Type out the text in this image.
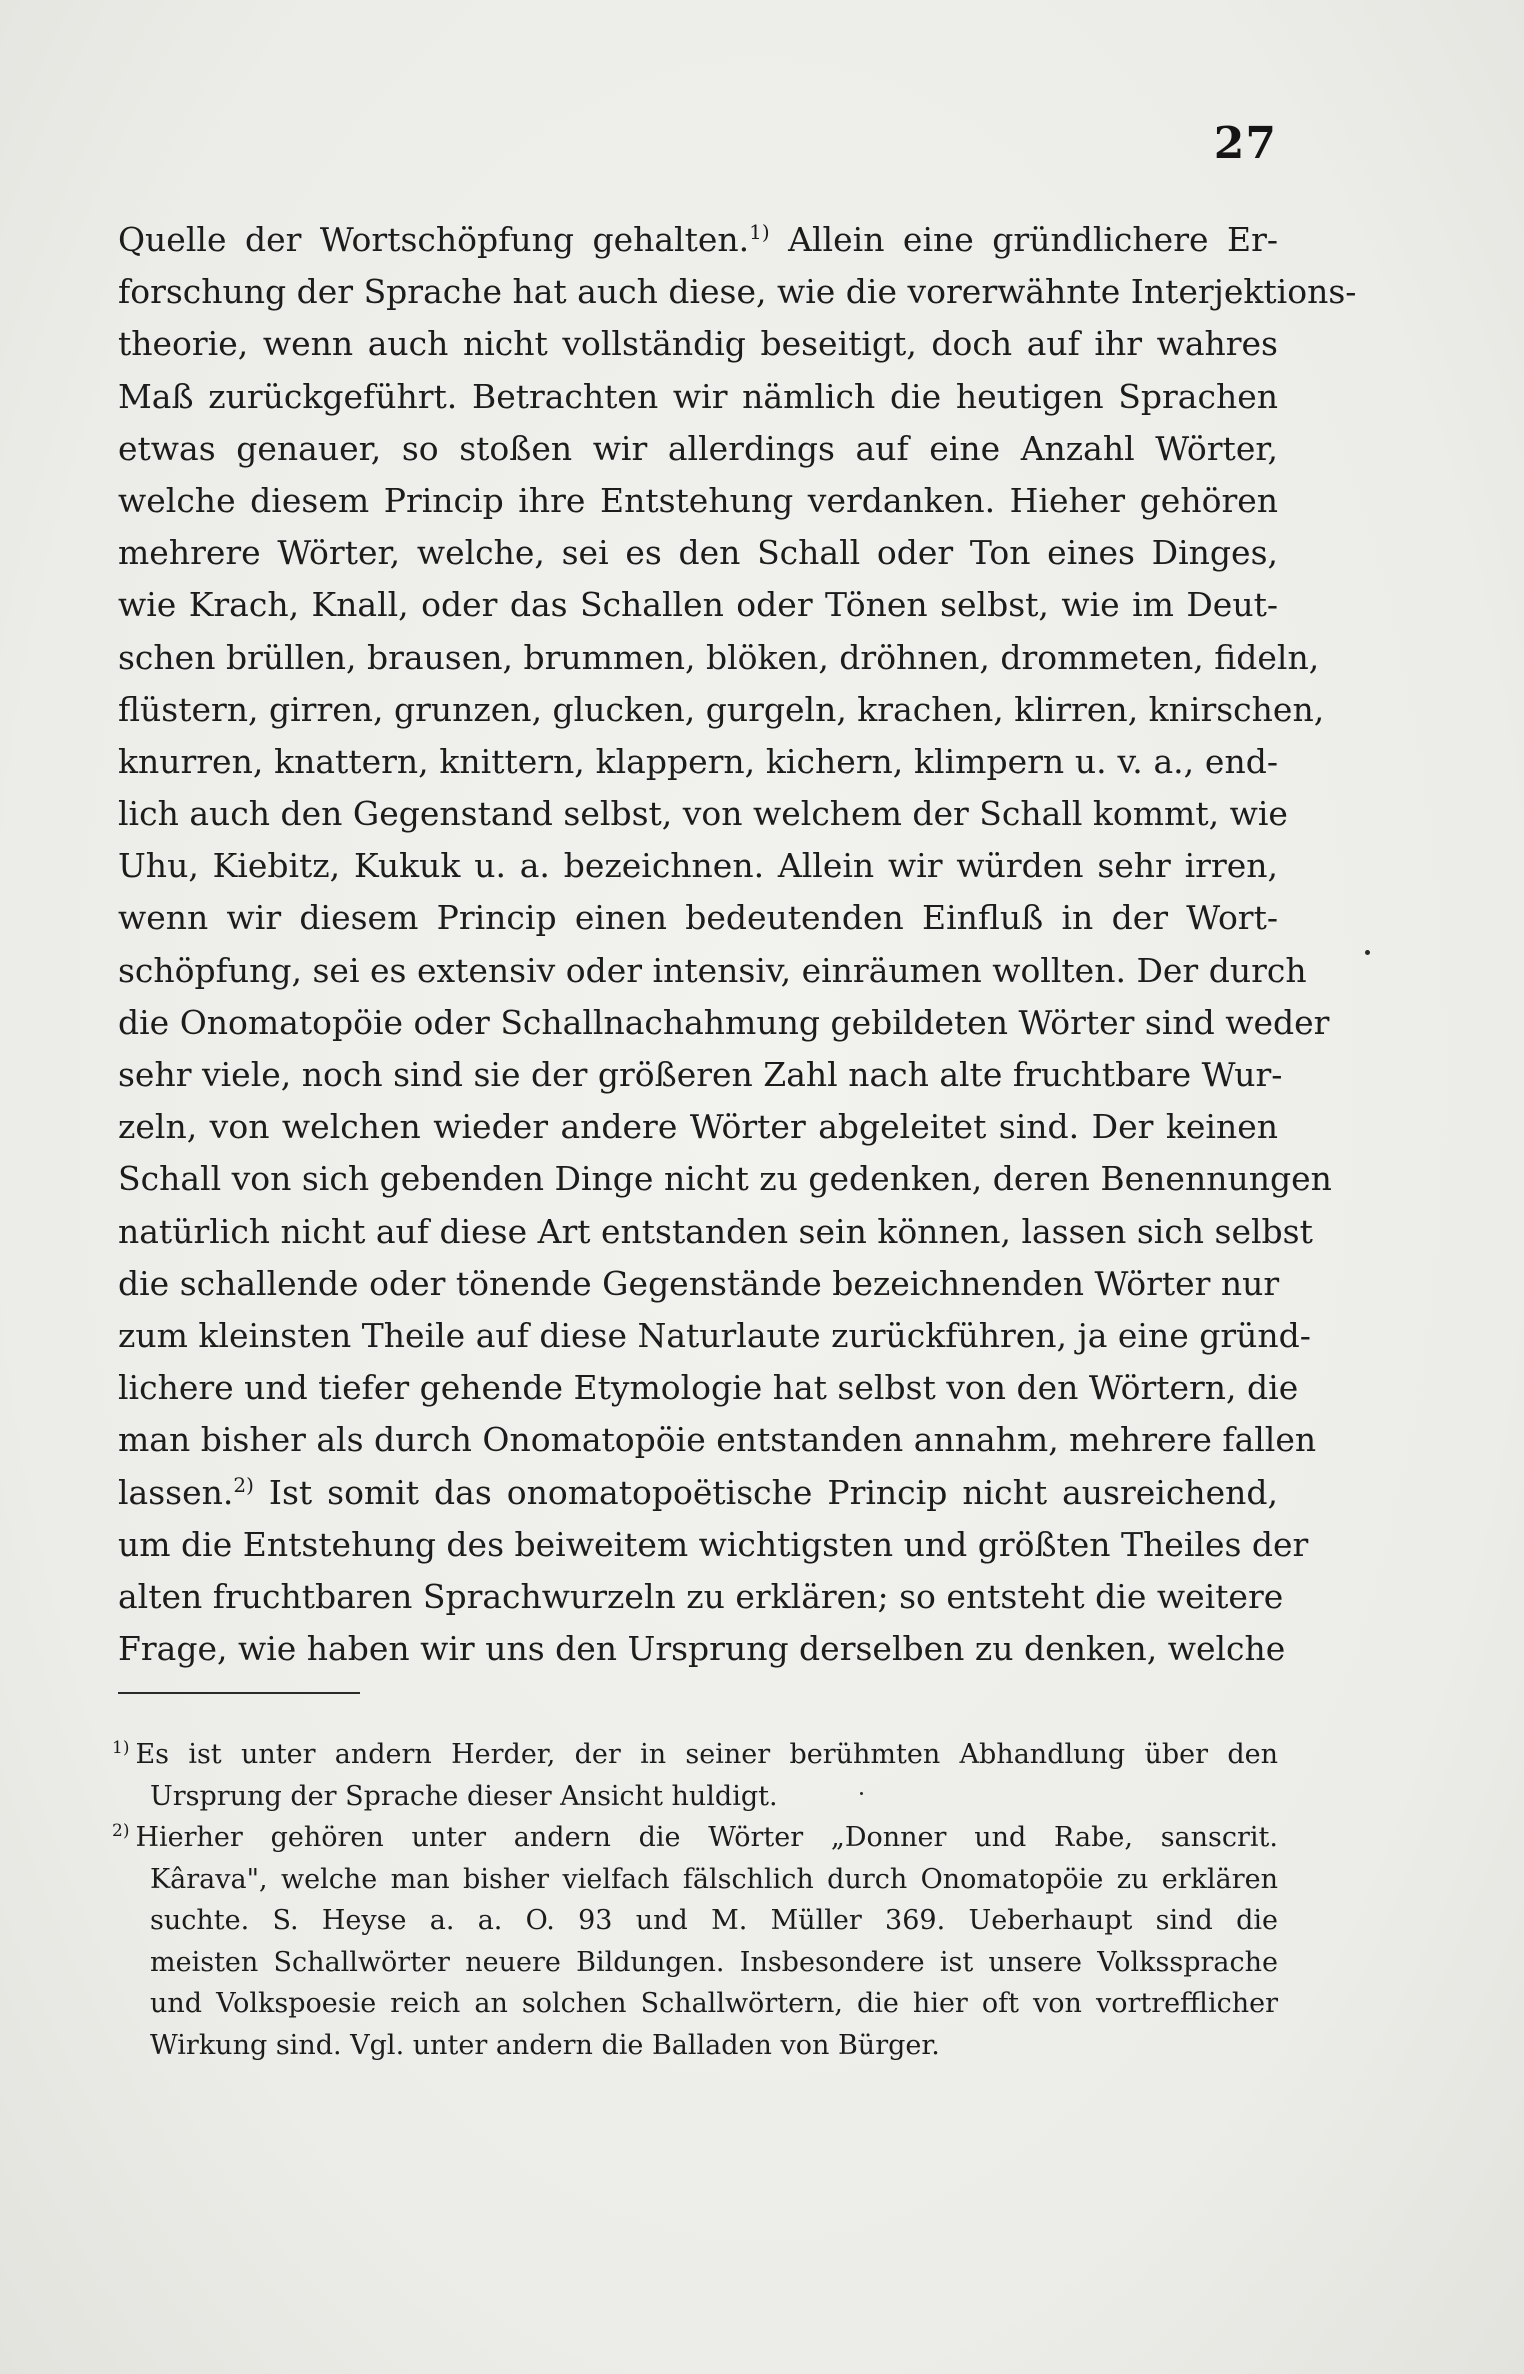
27
Quelle der Wortschöpfung gehalten.$^{1)}$ Allein eine gründlichere Er-
forschung der Sprache hat auch diese, wie die vorerwähnte Interjektions-
theorie, wenn auch nicht vollständig beseitigt, doch auf ihr wahres
Maß zurückgeführt. Betrachten wir nämlich die heutigen Sprachen
etwas genauer, so stoßen wir allerdings auf eine Anzahl Wörter,
welche diesem Princip ihre Entstehung verdanken. Hieher gehören
mehrere Wörter, welche, sei es den Schall oder Ton eines Dinges,
wie Krach, Knall, oder das Schallen oder Tönen selbst, wie im Deut-
schen brüllen, brausen, brummen, blöken, dröhnen, drommeten, fideln,
flüstern, girren, grunzen, glucken, gurgeln, krachen, klirren, knirschen,
knurren, knattern, knittern, klappern, kichern, klimpern u. v. a., end-
lich auch den Gegenstand selbst, von welchem der Schall kommt, wie
Uhu, Kiebitz, Kukuk u. a. bezeichnen. Allein wir würden sehr irren,
wenn wir diesem Princip einen bedeutenden Einfluß in der Wort-
schöpfung, sei es extensiv oder intensiv, einräumen wollten. Der durch
die Onomatopöie oder Schallnachahmung gebildeten Wörter sind weder
sehr viele, noch sind sie der größeren Zahl nach alte fruchtbare Wur-
zeln, von welchen wieder andere Wörter abgeleitet sind. Der keinen
Schall von sich gebenden Dinge nicht zu gedenken, deren Benennungen
natürlich nicht auf diese Art entstanden sein können, lassen sich selbst
die schallende oder tönende Gegenstände bezeichnenden Wörter nur
zum kleinsten Theile auf diese Naturlaute zurückführen, ja eine gründ-
lichere und tiefer gehende Etymologie hat selbst von den Wörtern, die
man bisher als durch Onomatopöie entstanden annahm, mehrere fallen
lassen.$^{2)}$ Ist somit das onomatopoëtische Princip nicht ausreichend,
um die Entstehung des beiweitem wichtigsten und größten Theiles der
alten fruchtbaren Sprachwurzeln zu erklären; so entsteht die weitere
Frage, wie haben wir uns den Ursprung derselben zu denken, welche
$^{1)}$ Es ist unter andern Herder, der in seiner berühmten Abhandlung über den
Ursprung der Sprache dieser Ansicht huldigt.
$^{2)}$ Hierher gehören unter andern die Wörter „Donner und Rabe, sanscrit.
Kârava", welche man bisher vielfach fälschlich durch Onomatopöie zu erklären
suchte. S. Heyse a. a. O. 93 und M. Müller 369. Ueberhaupt sind die
meisten Schallwörter neuere Bildungen. Insbesondere ist unsere Volkssprache
und Volkspoesie reich an solchen Schallwörtern, die hier oft von vortrefflicher
Wirkung sind. Vgl. unter andern die Balladen von Bürger.
